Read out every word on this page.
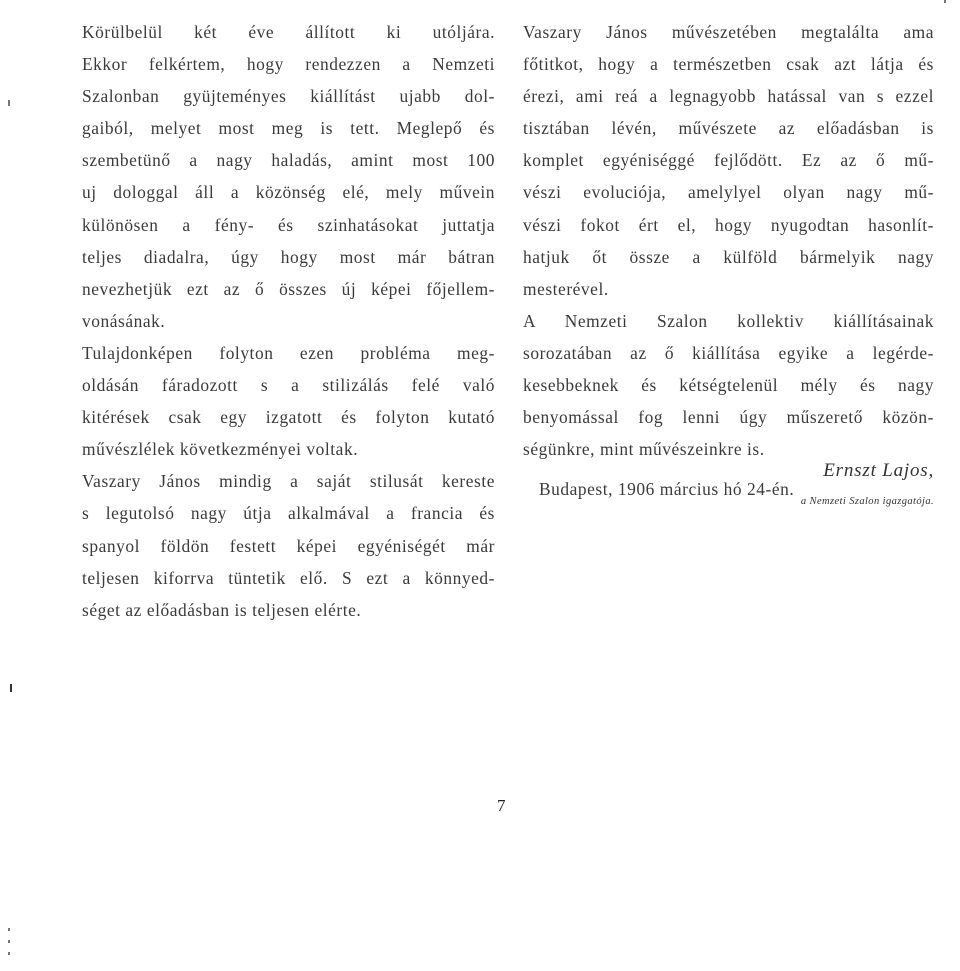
Körülbelül két éve állított ki utóljára.
Ekkor felkértem, hogy rendezzen a Nemzeti
Szalonban gyüjteményes kiállítást ujabb dol-
gaiból, melyet most meg is tett. Meglepő és
szembetünő a nagy haladás, amint most 100
uj dologgal áll a közönség elé, mely művein
különösen a fény- és szinhatásokat juttatja
teljes diadalra, úgy hogy most már bátran
nevezhetjük ezt az ő összes új képei főjellem-
vonásának.
Tulajdonképen folyton ezen probléma meg-
oldásán fáradozott s a stilizálás felé való
kitérések csak egy izgatott és folyton kutató
művészlélek következményei voltak.
Vaszary János mindig a saját stilusát kereste
s legutolsó nagy útja alkalmával a francia és
spanyol földön festett képei egyéniségét már
teljesen kiforrva tüntetik elő. S ezt a könnyed-
séget az előadásban is teljesen elérte.
Vaszary János művészetében megtalálta ama
főtitkot, hogy a természetben csak azt látja és
érezi, ami reá a legnagyobb hatással van s ezzel
tisztában lévén, művészete az előadásban is
komplet egyéniséggé fejlődött. Ez az ő mű-
vészi evoluciója, amelylyel olyan nagy mű-
vészi fokot ért el, hogy nyugodtan hasonlít-
hatjuk őt össze a külföld bármelyik nagy
mesterével.
A Nemzeti Szalon kollektiv kiállításainak
sorozatában az ő kiállítása egyike a legérde-
kesebbeknek és kétségtelenül mély és nagy
benyomással fog lenni úgy műszerető közön-
ségünkre, mint művészeinkre is.
Budapest, 1906 március hó 24-én.
Ernszt Lajos,
a Nemzeti Szalon igazgatója.
7
